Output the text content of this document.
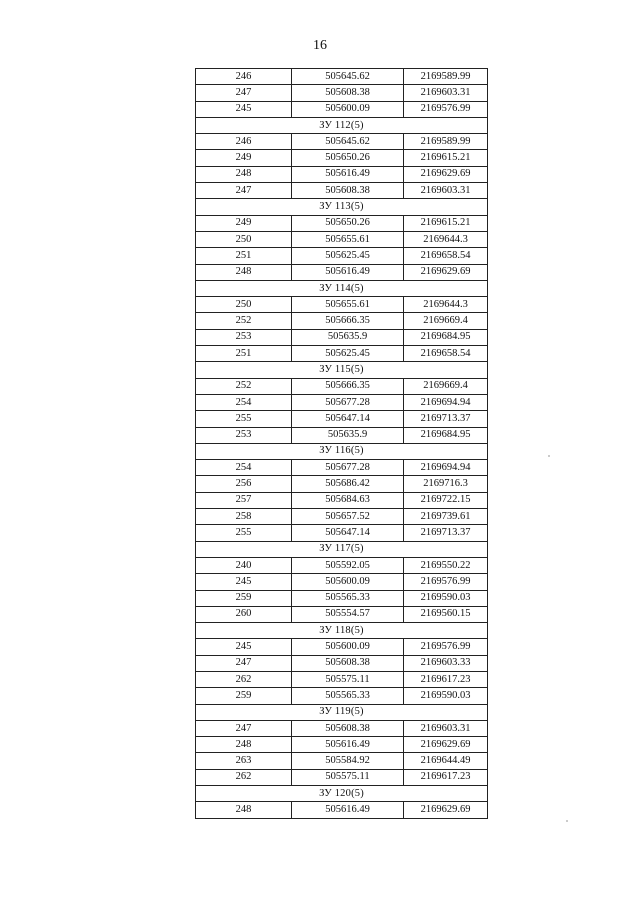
16
246	505645.62	2169589.99
247	505608.38	2169603.31
245	505600.09	2169576.99
ЗУ 112(5)		
246	505645.62	2169589.99
249	505650.26	2169615.21
248	505616.49	2169629.69
247	505608.38	2169603.31
ЗУ 113(5)		
249	505650.26	2169615.21
250	505655.61	2169644.3
251	505625.45	2169658.54
248	505616.49	2169629.69
ЗУ 114(5)		
250	505655.61	2169644.3
252	505666.35	2169669.4
253	505635.9	2169684.95
251	505625.45	2169658.54
ЗУ 115(5)		
252	505666.35	2169669.4
254	505677.28	2169694.94
255	505647.14	2169713.37
253	505635.9	2169684.95
ЗУ 116(5)		
254	505677.28	2169694.94
256	505686.42	2169716.3
257	505684.63	2169722.15
258	505657.52	2169739.61
255	505647.14	2169713.37
ЗУ 117(5)		
240	505592.05	2169550.22
245	505600.09	2169576.99
259	505565.33	2169590.03
260	505554.57	2169560.15
ЗУ 118(5)		
245	505600.09	2169576.99
247	505608.38	2169603.33
262	505575.11	2169617.23
259	505565.33	2169590.03
ЗУ 119(5)		
247	505608.38	2169603.31
248	505616.49	2169629.69
263	505584.92	2169644.49
262	505575.11	2169617.23
ЗУ 120(5)		
248	505616.49	2169629.69
